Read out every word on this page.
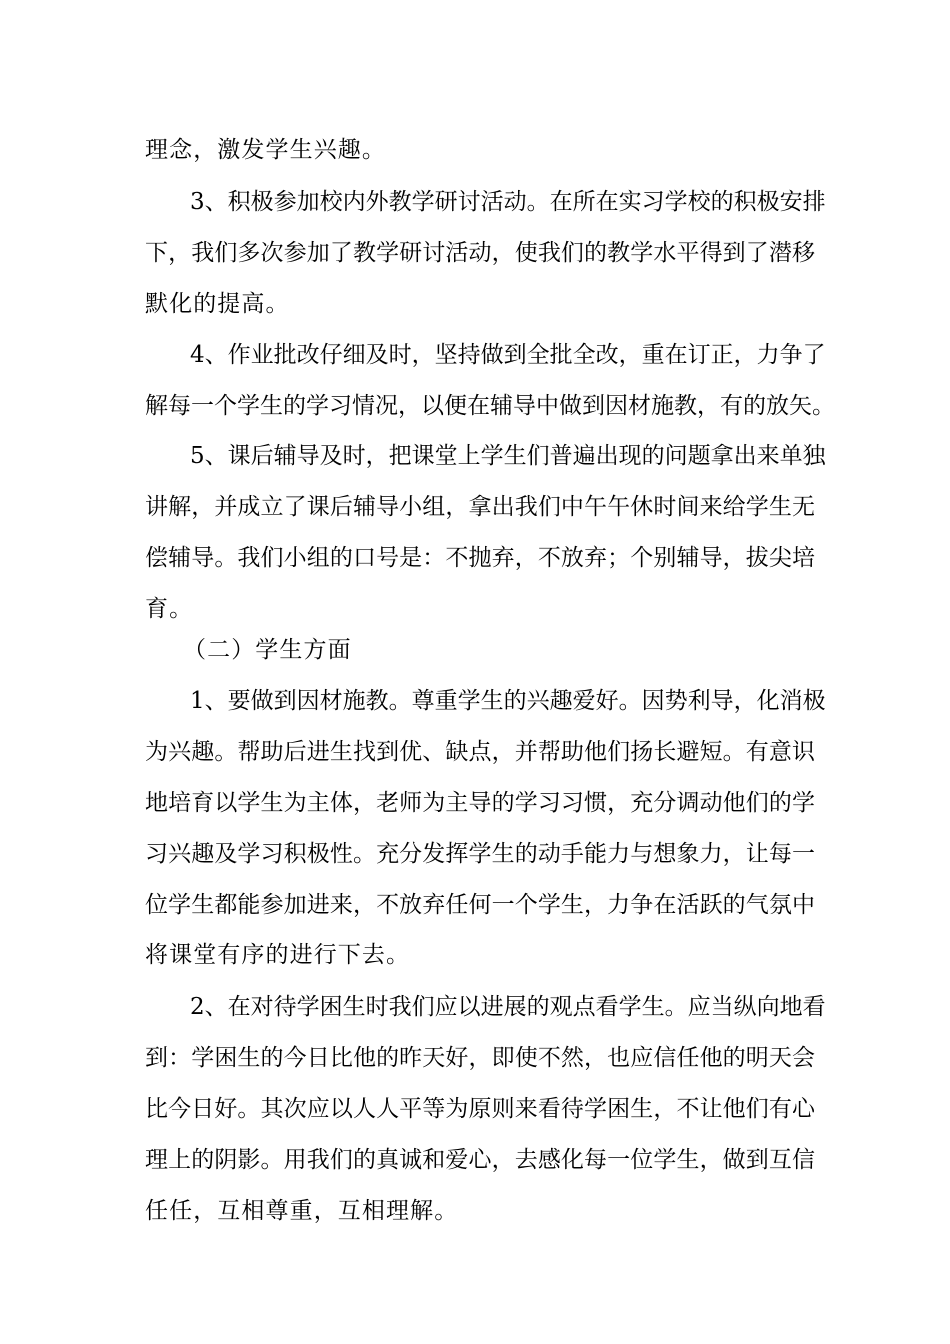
理念，激发学生兴趣。
3、积极参加校内外教学研讨活动。在所在实习学校的积极安排
下，我们多次参加了教学研讨活动，使我们的教学水平得到了潜移
默化的提高。
4、作业批改仔细及时，坚持做到全批全改，重在订正，力争了
解每一个学生的学习情况，以便在辅导中做到因材施教，有的放矢。
5、课后辅导及时，把课堂上学生们普遍出现的问题拿出来单独
讲解，并成立了课后辅导小组，拿出我们中午午休时间来给学生无
偿辅导。我们小组的口号是：不抛弃，不放弃；个别辅导，拔尖培
育。
（二）学生方面
1、要做到因材施教。尊重学生的兴趣爱好。因势利导，化消极
为兴趣。帮助后进生找到优、缺点，并帮助他们扬长避短。有意识
地培育以学生为主体，老师为主导的学习习惯，充分调动他们的学
习兴趣及学习积极性。充分发挥学生的动手能力与想象力，让每一
位学生都能参加进来，不放弃任何一个学生，力争在活跃的气氛中
将课堂有序的进行下去。
2、在对待学困生时我们应以进展的观点看学生。应当纵向地看
到：学困生的今日比他的昨天好，即使不然，也应信任他的明天会
比今日好。其次应以人人平等为原则来看待学困生，不让他们有心
理上的阴影。用我们的真诚和爱心，去感化每一位学生，做到互信
任任，互相尊重，互相理解。
